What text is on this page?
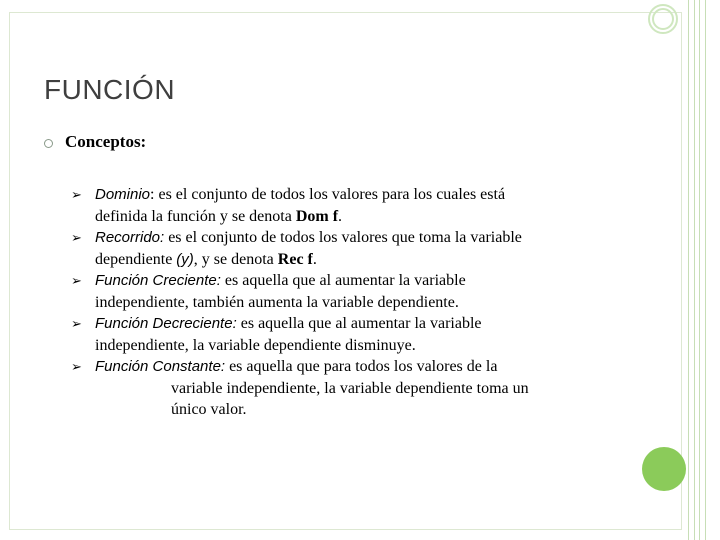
FUNCIÓN
Conceptos:
➢ Dominio: es el conjunto de todos los valores para los cuales está definida la función y se denota Dom f.
➢ Recorrido: es el conjunto de todos los valores que toma la variable dependiente (y), y se denota Rec f.
➢ Función Creciente: es aquella que al aumentar la variable independiente, también aumenta la variable dependiente.
➢ Función Decreciente: es aquella que al aumentar la variable independiente, la variable dependiente disminuye.
➢ Función Constante: es aquella que para todos los valores de la
variable independiente, la variable dependiente toma un único valor.
